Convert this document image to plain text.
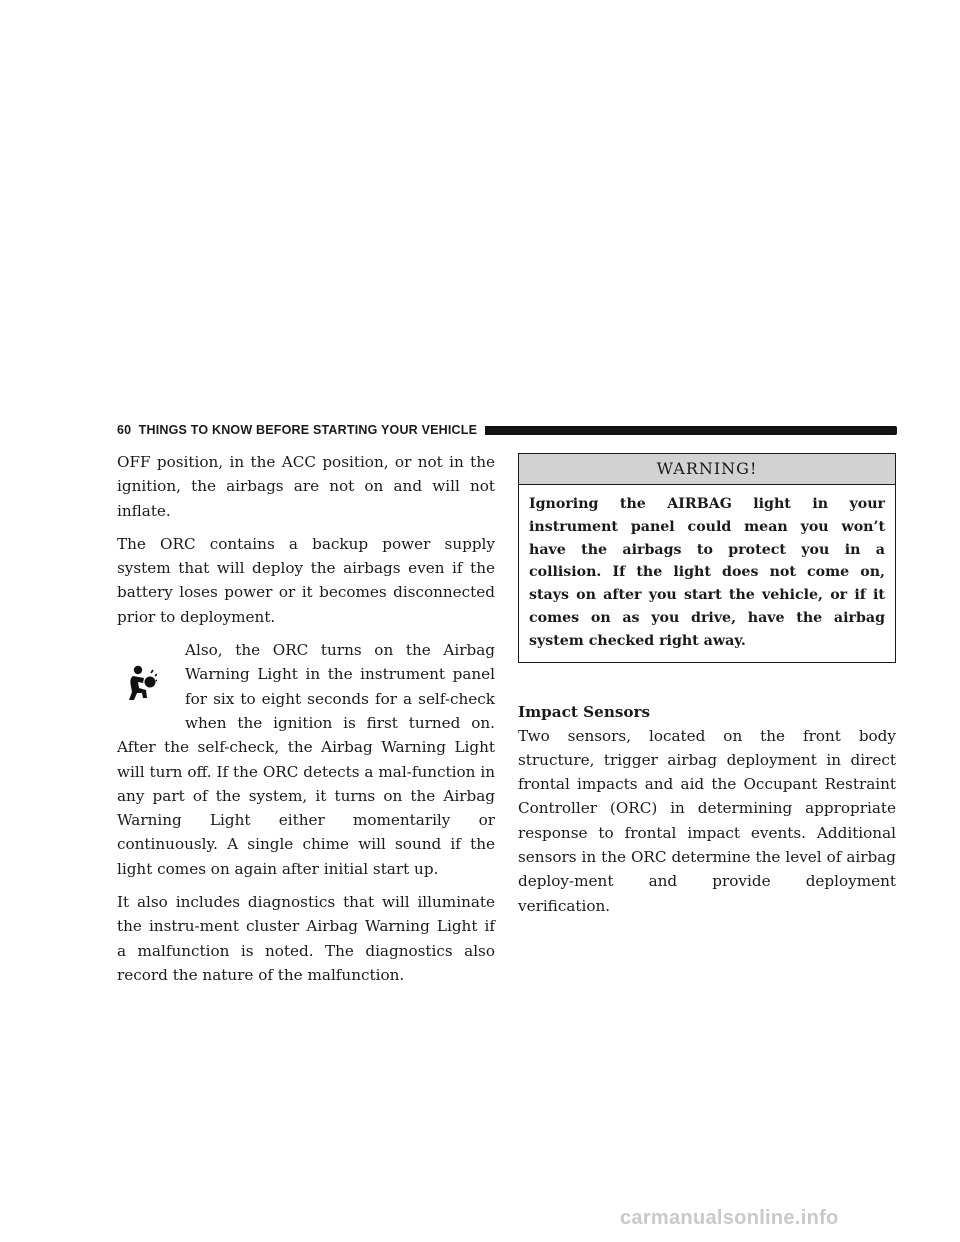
60 THINGS TO KNOW BEFORE STARTING YOUR VEHICLE

OFF position, in the ACC position, or not in the ignition, the airbags are not on and will not inflate.

The ORC contains a backup power supply system that will deploy the airbags even if the battery loses power or it becomes disconnected prior to deployment.

Also, the ORC turns on the Airbag Warning Light in the instrument panel for six to eight seconds for a self-check when the ignition is first turned on. After the self-check, the Airbag Warning Light will turn off. If the ORC detects a mal-function in any part of the system, it turns on the Airbag Warning Light either momentarily or continuously. A single chime will sound if the light comes on again after initial start up.

It also includes diagnostics that will illuminate the instru-ment cluster Airbag Warning Light if a malfunction is noted. The diagnostics also record the nature of the malfunction.

WARNING!
Ignoring the AIRBAG light in your instrument panel could mean you won’t have the airbags to protect you in a collision. If the light does not come on, stays on after you start the vehicle, or if it comes on as you drive, have the airbag system checked right away.
Impact Sensors

Two sensors, located on the front body structure, trigger airbag deployment in direct frontal impacts and aid the Occupant Restraint Controller (ORC) in determining appropriate response to frontal impact events. Additional sensors in the ORC determine the level of airbag deploy-ment and provide deployment verification.

carmanualsonline.info
